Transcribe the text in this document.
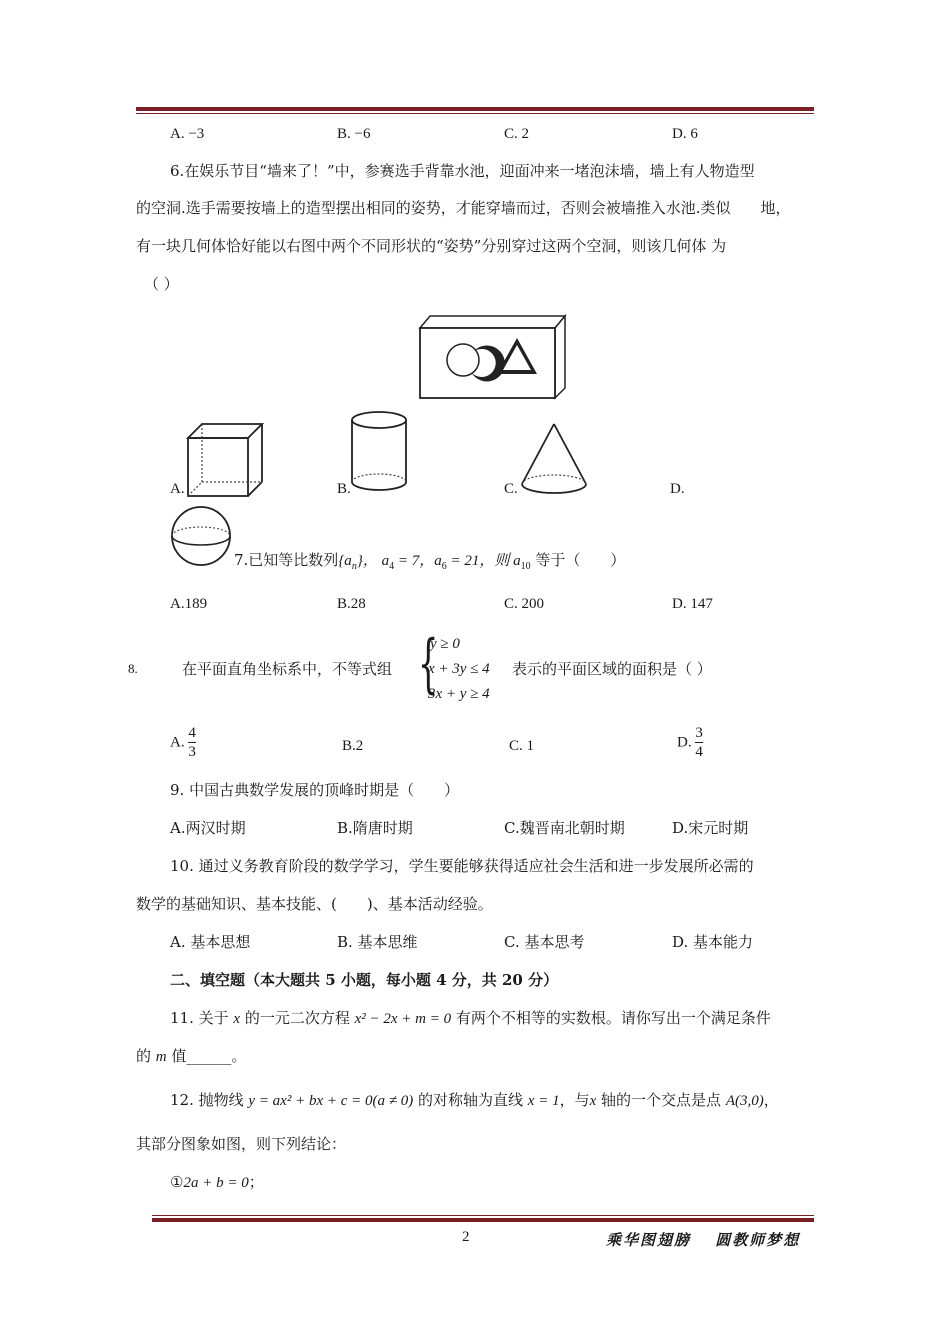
A. −3	B. −6	C. 2	D. 6
6.在娱乐节目“墙来了！”中，参赛选手背靠水池，迎面冲来一堵泡沫墙，墙上有人物造型
的空洞.选手需要按墙上的造型摆出相同的姿势，才能穿墙而过，否则会被墙推入水池.类似　　地，
有一块几何体恰好能以右图中两个不同形状的“姿势”分别穿过这两个空洞，则该几何体 为
（ ）
A.	B.	C.	D.
7.已知等比数列$\{a_n\}$， $a_4 = 7$，$a_6 = 21$，则 $a_{10}$ 等于（　　）
A.189	B.28	C. 200	D. 147
8.	在平面直角坐标系中，不等式组 {
y ≥ 0
x + 3y ≤ 4
3x + y ≥ 4
表示的平面区域的面积是（ ）
A. $\frac{4}{3}$	B.2	C. 1	D. $\frac{3}{4}$
9. 中国古典数学发展的顶峰时期是（　　）
A.两汉时期	B.隋唐时期	C.魏晋南北朝时期	D.宋元时期
10. 通过义务教育阶段的数学学习，学生要能够获得适应社会生活和进一步发展所必需的
数学的基础知识、基本技能、(　　)、基本活动经验。
A. 基本思想	B. 基本思维	C. 基本思考	D. 基本能力
二、填空题（本大题共 5 小题，每小题 4 分，共 20 分）
11. 关于 x 的一元二次方程 x² − 2x + m = 0 有两个不相等的实数根。请你写出一个满足条件
的 m 值______。
12. 抛物线 y = ax² + bx + c = 0(a ≠ 0) 的对称轴为直线 x = 1，与x 轴的一个交点是点 A(3,0)，
其部分图象如图，则下列结论：
①2a + b = 0；
2	乘华图翅膀　 圆教师梦想
